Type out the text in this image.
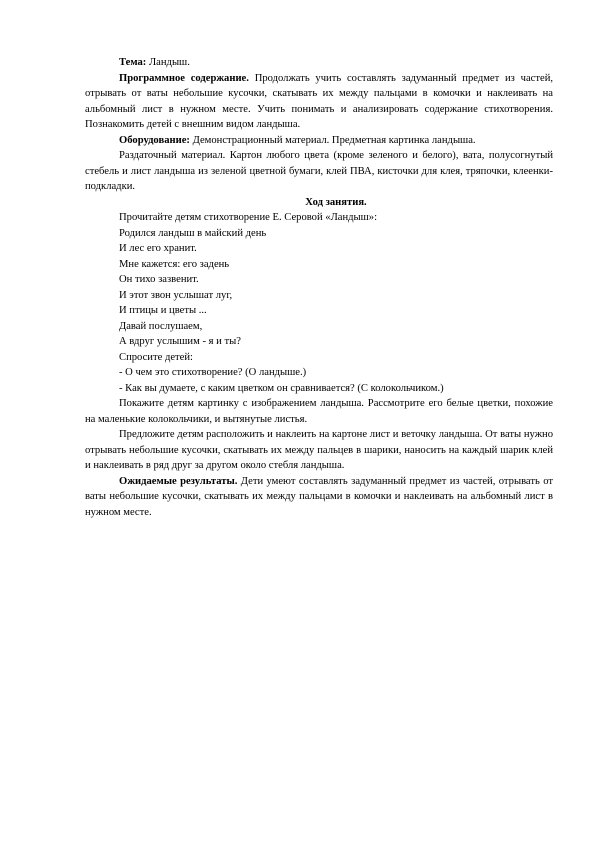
Тема: Ландыш.

Программное содержание. Продолжать учить составлять задуманный предмет из частей, отрывать от ваты небольшие кусочки, скатывать их между пальцами в комочки и наклеивать на альбомный лист в нужном месте. Учить понимать и анализировать содержание стихотворения. Познакомить детей с внешним видом ландыша.

Оборудование: Демонстрационный материал. Предметная картинка ландыша.

Раздаточный материал. Картон любого цвета (кроме зеленого и белого), вата, полусогнутый стебель и лист ландыша из зеленой цветной бумаги, клей ПВА, кисточки для клея, тряпочки, клеенки-подкладки.

Ход занятия.

Прочитайте детям стихотворение Е. Серовой «Ландыш»:

Родился ландыш в майский день

И лес его хранит.

Мне кажется: его задень

Он тихо зазвенит.

И этот звон услышат луг,

И птицы и цветы ...

Давай послушаем,

А вдруг услышим - я и ты?

Спросите детей:

- О чем это стихотворение? (О ландыше.)

- Как вы думаете, с каким цветком он сравнивается? (С колокольчиком.)

Покажите детям картинку с изображением ландыша. Рассмотрите его белые цветки, похожие на маленькие колокольчики, и вытянутые листья.

Предложите детям расположить и наклеить на картоне лист и веточку ландыша. От ваты нужно отрывать небольшие кусочки, скатывать их между пальцев в шарики, наносить на каждый шарик клей и наклеивать в ряд друг за другом около стебля ландыша.

Ожидаемые результаты. Дети умеют составлять задуманный предмет из частей, отрывать от ваты небольшие кусочки, скатывать их между пальцами в комочки и наклеивать на альбомный лист в нужном месте.
